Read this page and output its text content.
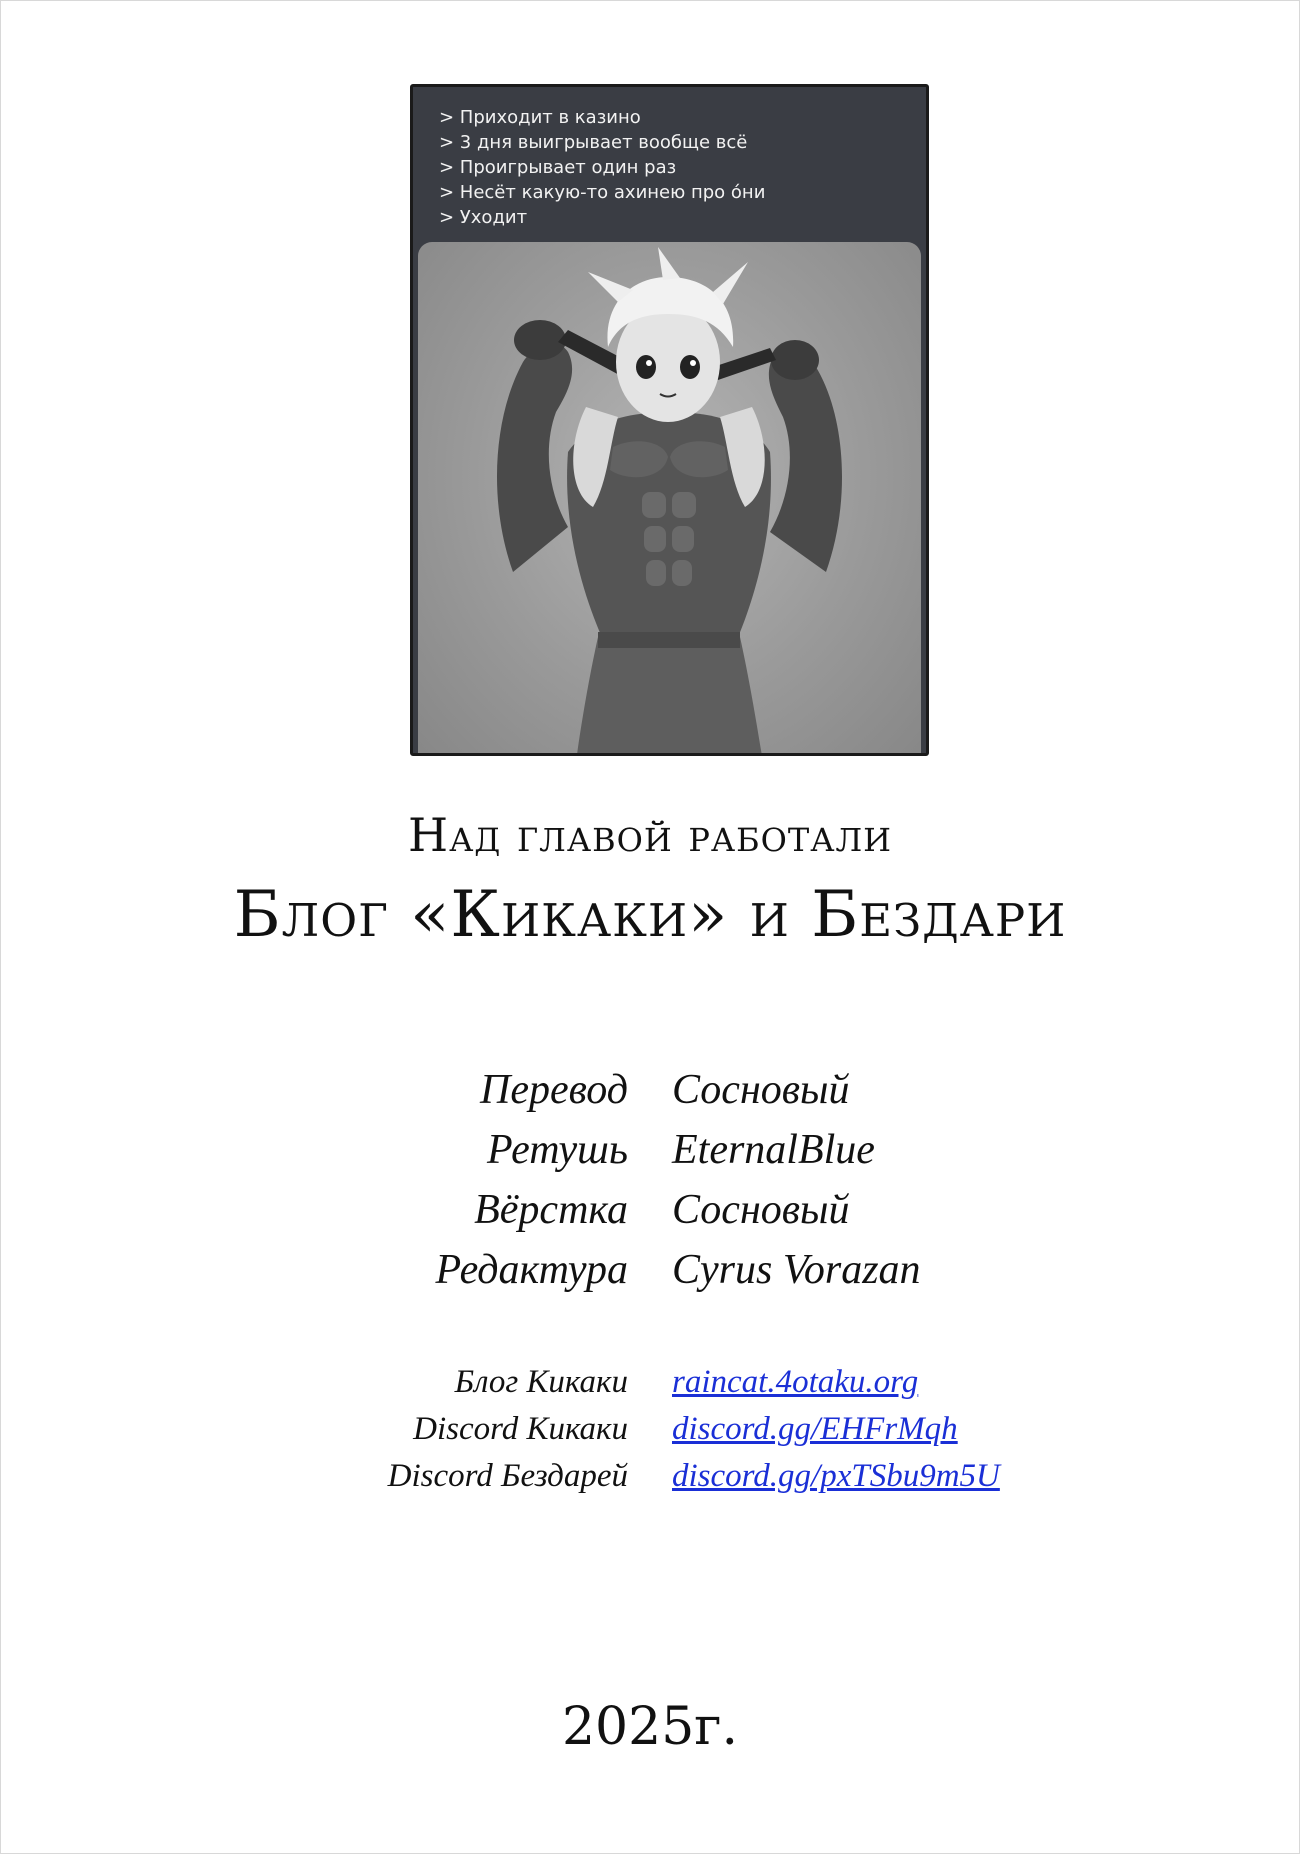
> Приходит в казино
> 3 дня выигрывает вообще всё
> Проигрывает один раз
> Несёт какую-то ахинею про óни
> Уходит
Над главой работали
Блог «Кикаки» и Бездари
Перевод Сосновый
Ретушь EternalBlue
Вёрстка Сосновый
Редактура Cyrus Vorazan
Блог Кикаки raincat.4otaku.org
Discord Кикаки discord.gg/EHFrMqh
Discord Бездарей discord.gg/pxTSbu9m5U
2025г.
